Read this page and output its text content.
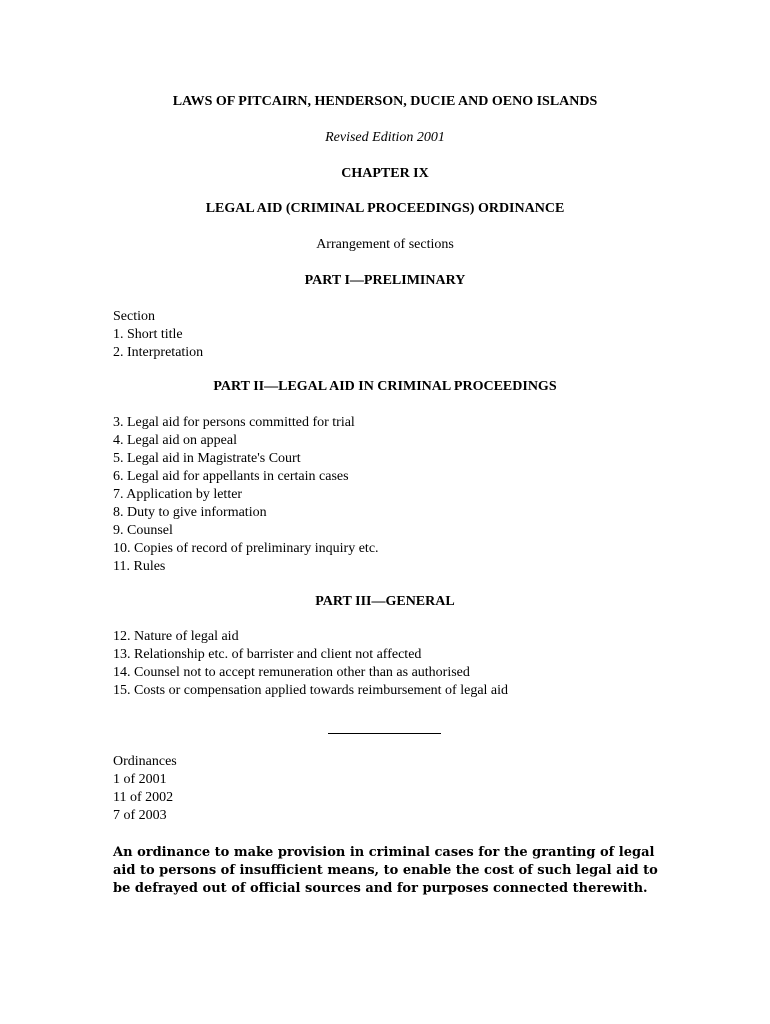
LAWS OF PITCAIRN, HENDERSON, DUCIE AND OENO ISLANDS
Revised Edition 2001
CHAPTER IX
LEGAL AID (CRIMINAL PROCEEDINGS) ORDINANCE
Arrangement of sections
PART I—PRELIMINARY
Section
1. Short title
2. Interpretation
PART II—LEGAL AID IN CRIMINAL PROCEEDINGS
3. Legal aid for persons committed for trial
4. Legal aid on appeal
5. Legal aid in Magistrate's Court
6. Legal aid for appellants in certain cases
7. Application by letter
8. Duty to give information
9. Counsel
10. Copies of record of preliminary inquiry etc.
11. Rules
PART III—GENERAL
12. Nature of legal aid
13. Relationship etc. of barrister and client not affected
14. Counsel not to accept remuneration other than as authorised
15. Costs or compensation applied towards reimbursement of legal aid
Ordinances
1 of 2001
11 of 2002
7 of 2003
An ordinance to make provision in criminal cases for the granting of legal aid to persons of insufficient means, to enable the cost of such legal aid to be defrayed out of official sources and for purposes connected therewith.
